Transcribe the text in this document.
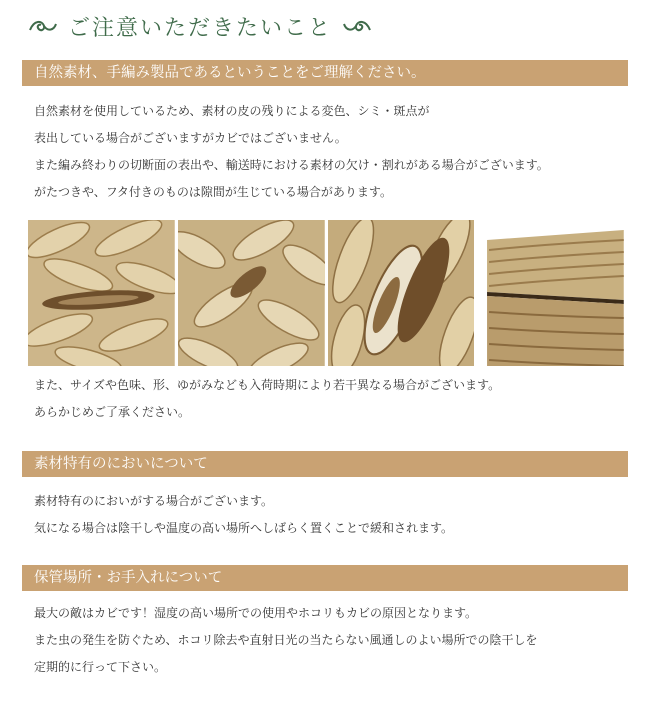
ご注意いただきたいこと
自然素材、手編み製品であるということをご理解ください。
自然素材を使用しているため、素材の皮の残りによる変色、シミ・斑点が
表出している場合がございますがカビではございません。
また編み終わりの切断面の表出や、輸送時における素材の欠け・割れがある場合がございます。
がたつきや、フタ付きのものは隙間が生じている場合があります。
また、サイズや色味、形、ゆがみなども入荷時期により若干異なる場合がございます。
あらかじめご了承ください。
素材特有のにおいについて
素材特有のにおいがする場合がございます。
気になる場合は陰干しや温度の高い場所へしばらく置くことで緩和されます。
保管場所・お手入れについて
最大の敵はカビです！湿度の高い場所での使用やホコリもカビの原因となります。
また虫の発生を防ぐため、ホコリ除去や直射日光の当たらない風通しのよい場所での陰干しを
定期的に行って下さい。
